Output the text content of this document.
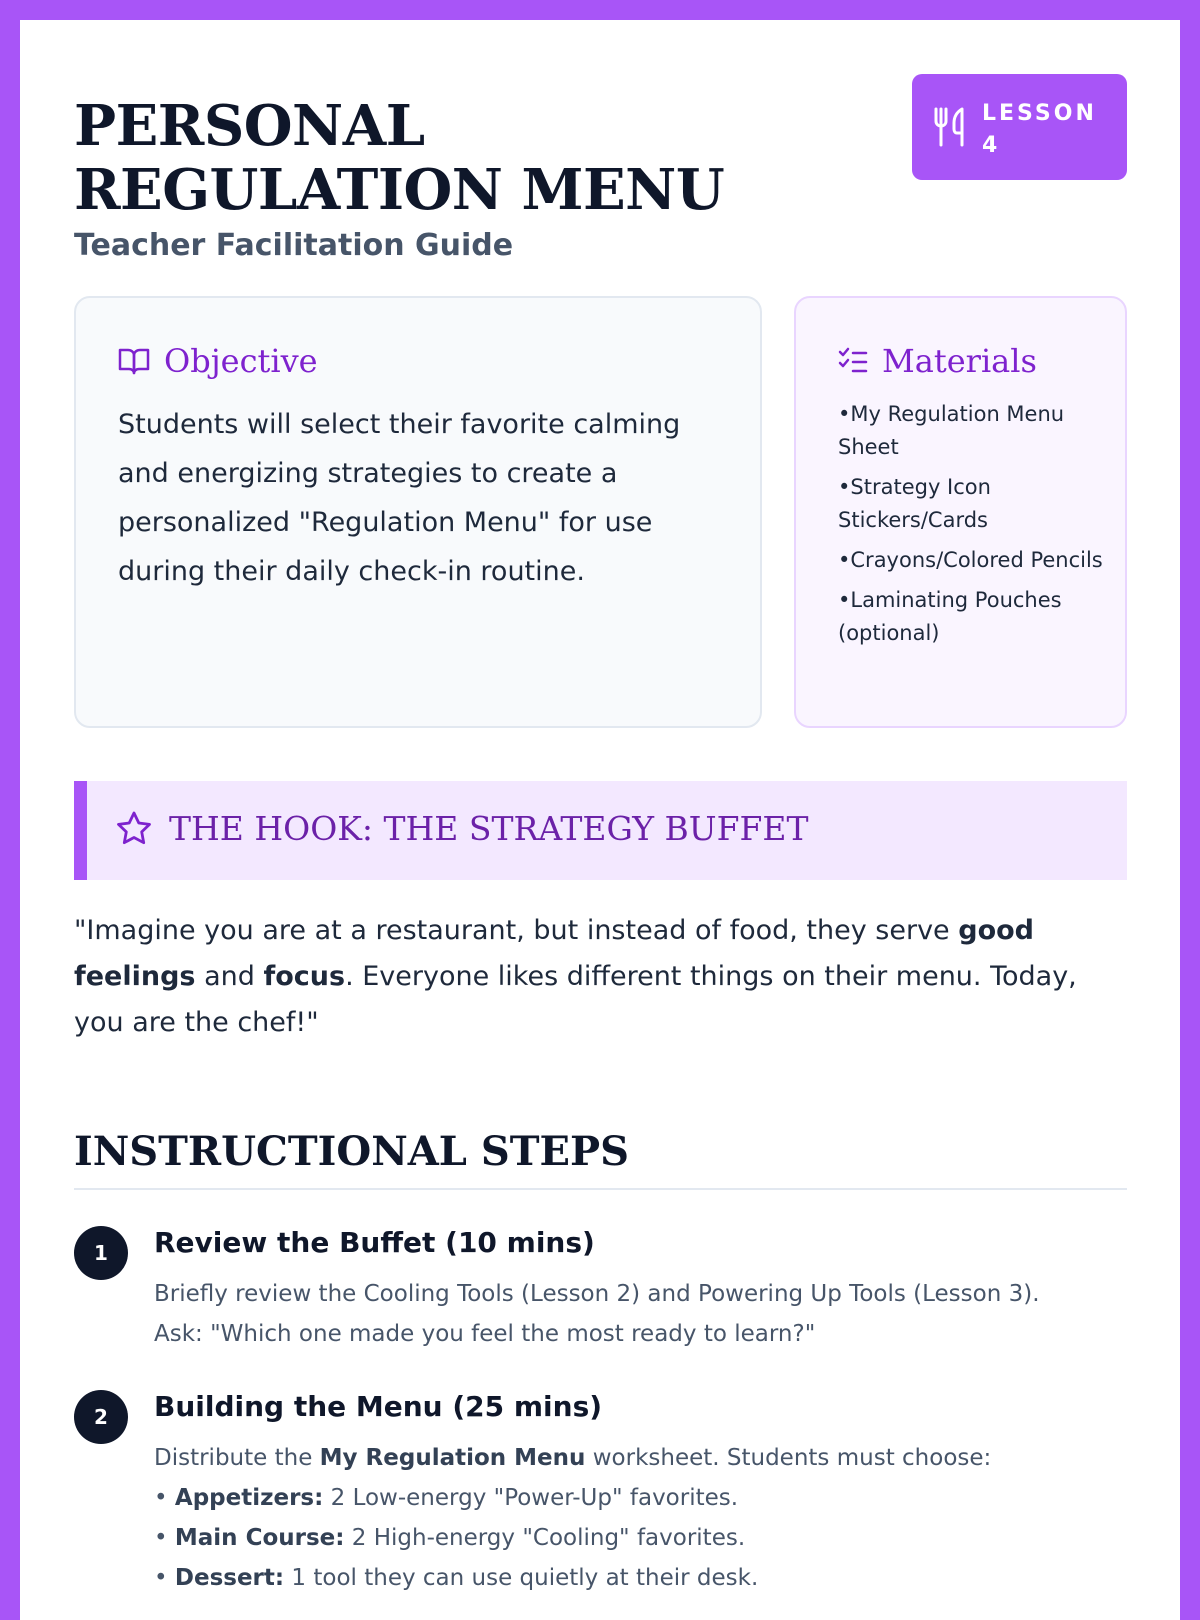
PERSONAL REGULATION MENU
Teacher Facilitation Guide
LESSON
4
Objective

Students will select their favorite calming and energizing strategies to create a personalized "Regulation Menu" for use during their daily check-in routine.

Materials
• My Regulation Menu Sheet
• Strategy Icon Stickers/Cards
• Crayons/Colored Pencils
• Laminating Pouches (optional)
THE HOOK: THE STRATEGY BUFFET

"Imagine you are at a restaurant, but instead of food, they serve good feelings and focus. Everyone likes different things on their menu. Today, you are the chef!"

INSTRUCTIONAL STEPS
1	Review the Buffet (10 mins)
Briefly review the Cooling Tools (Lesson 2) and Powering Up Tools (Lesson 3).
Ask: "Which one made you feel the most ready to learn?"
2	Building the Menu (25 mins)
Distribute the My Regulation Menu worksheet. Students must choose:
• Appetizers: 2 Low-energy "Power-Up" favorites.
• Main Course: 2 High-energy "Cooling" favorites.
• Dessert: 1 tool they can use quietly at their desk.
